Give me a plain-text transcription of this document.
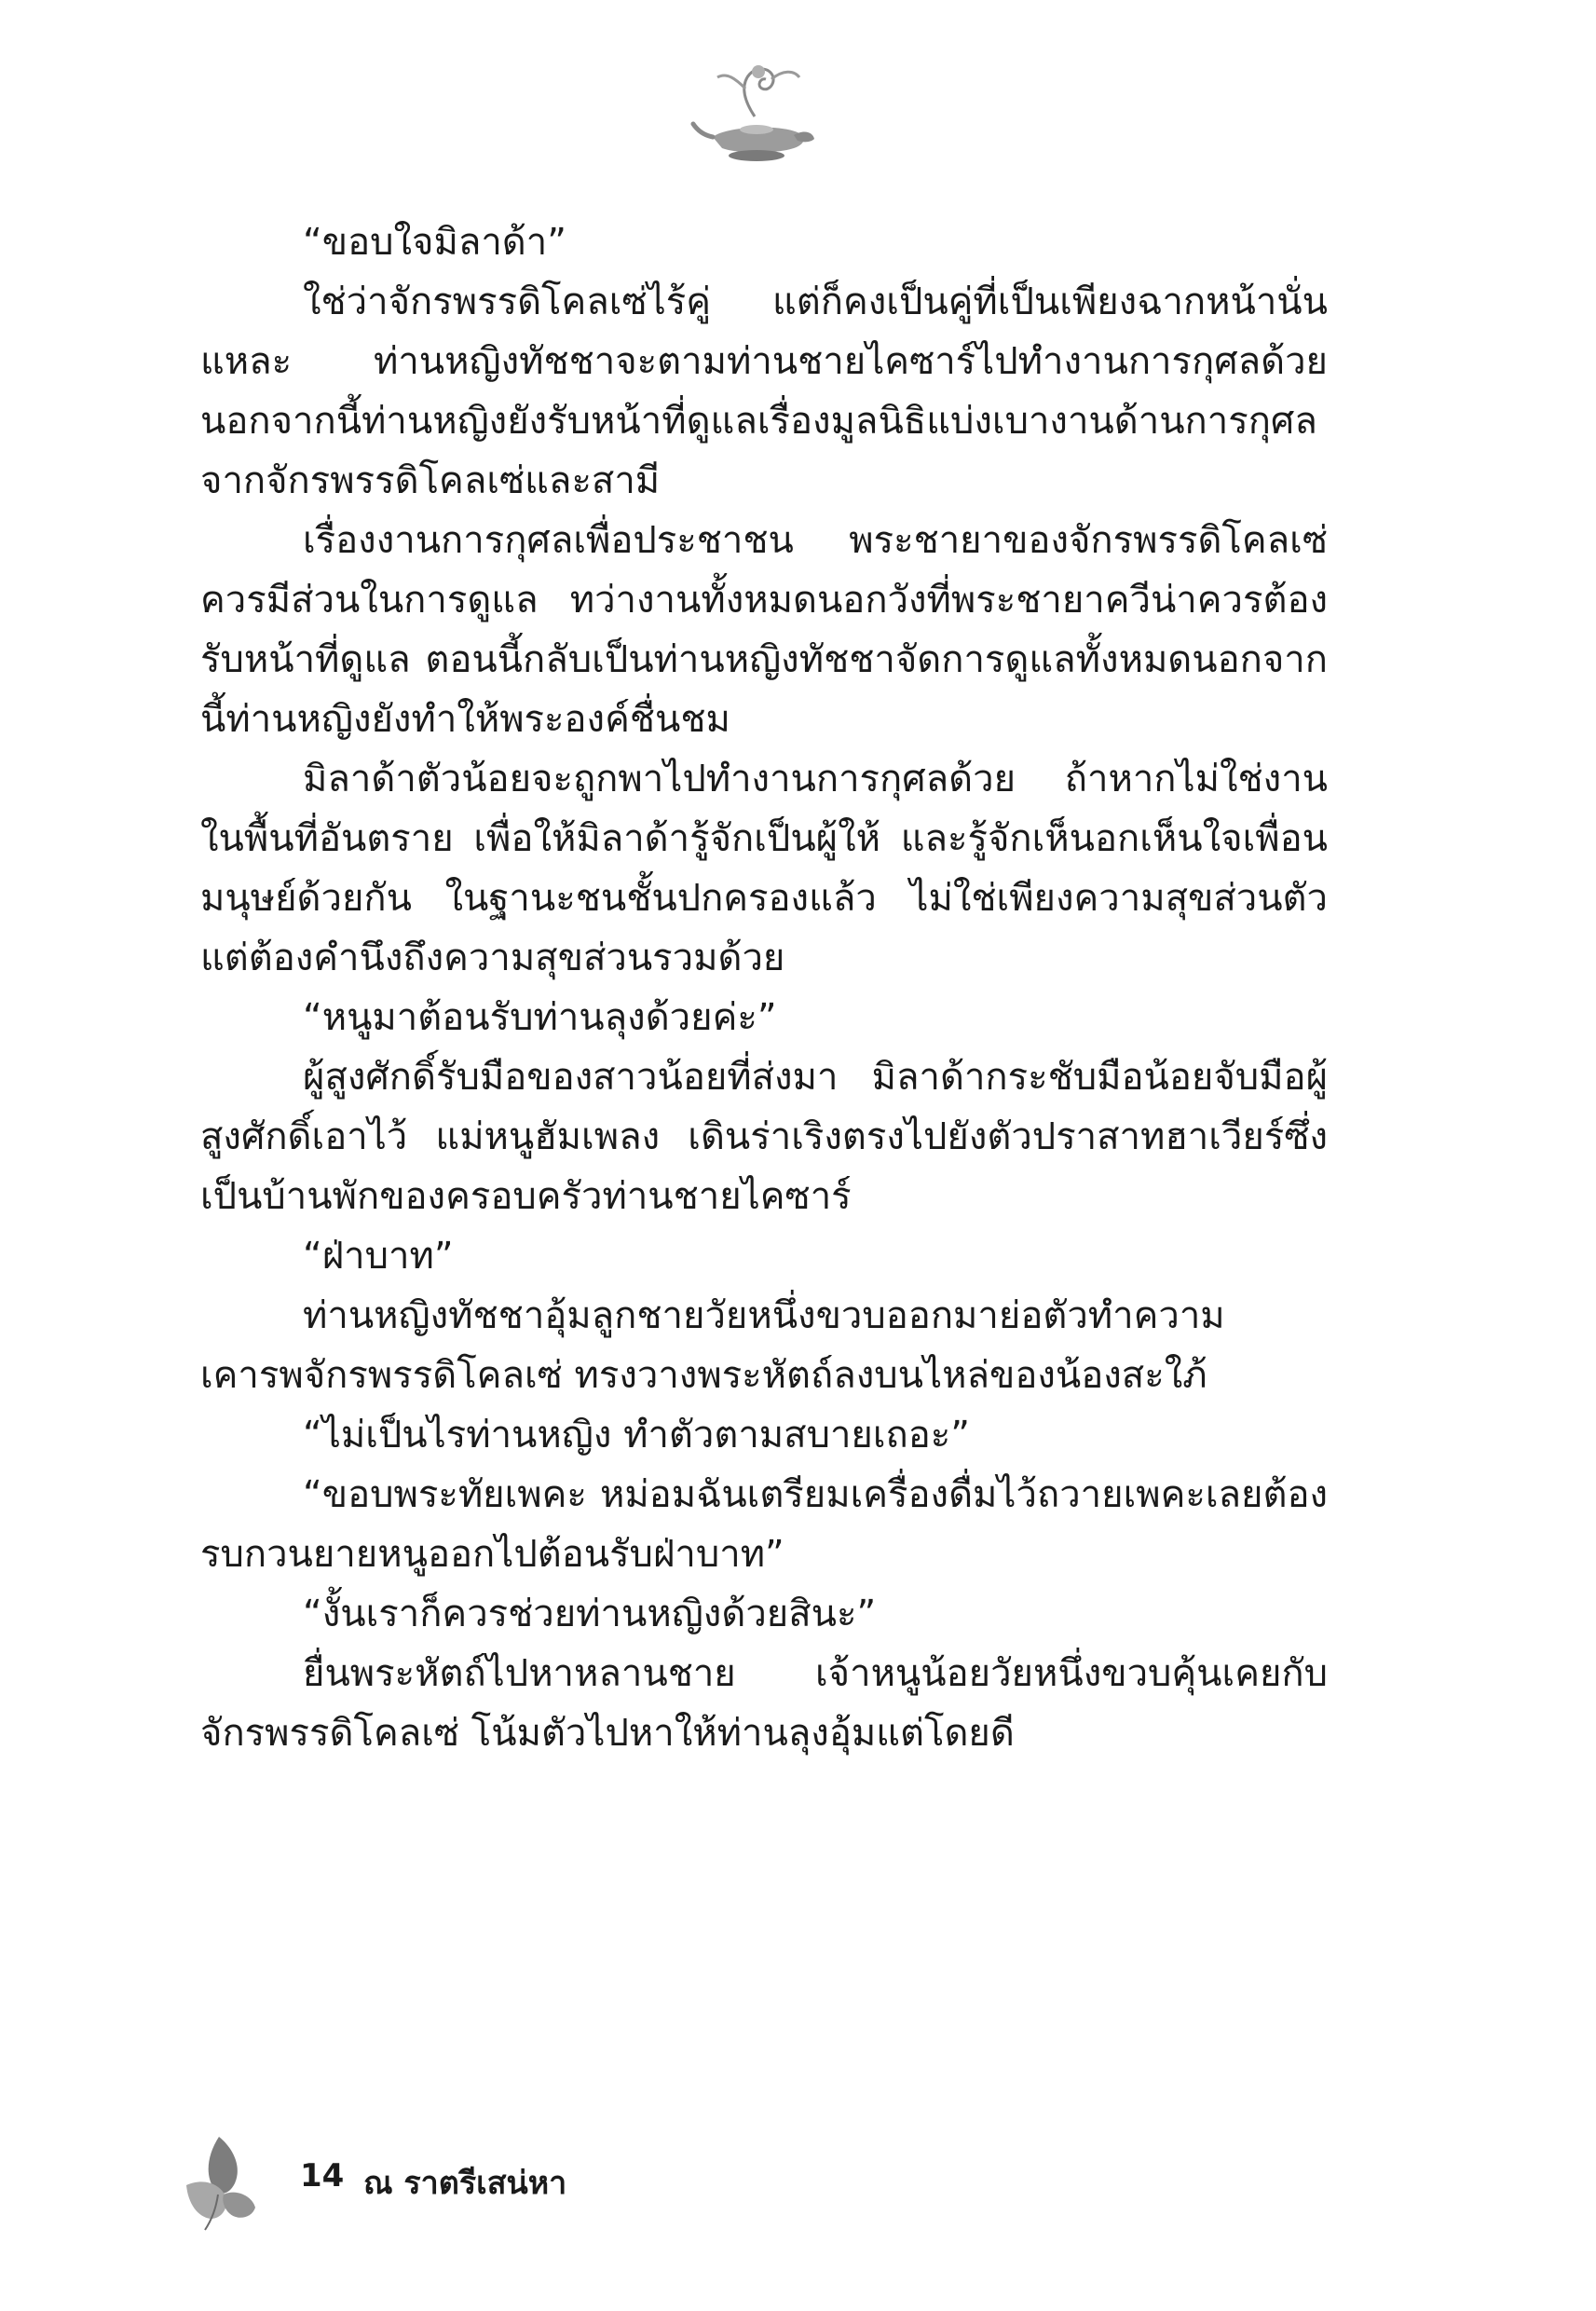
“ขอบใจมิลาด้า”

ใช่ว่าจักรพรรดิโคลเซ่ไร้คู่ แต่ก็คงเป็นคู่ที่เป็นเพียงฉากหน้านั่นแหละ ท่านหญิงทัชชาจะตามท่านชายไคซาร์ไปทำงานการกุศลด้วย นอกจากนี้ท่านหญิงยังรับหน้าที่ดูแลเรื่องมูลนิธิแบ่งเบางานด้านการกุศลจากจักรพรรดิโคลเซ่และสามี

เรื่องงานการกุศลเพื่อประชาชน พระชายาของจักรพรรดิโคลเซ่ควรมีส่วนในการดูแล ทว่างานทั้งหมดนอกวังที่พระชายาควีน่าควรต้องรับหน้าที่ดูแล ตอนนี้กลับเป็นท่านหญิงทัชชาจัดการดูแลทั้งหมดนอกจากนี้ท่านหญิงยังทำให้พระองค์ชื่นชม

มิลาด้าตัวน้อยจะถูกพาไปทำงานการกุศลด้วย ถ้าหากไม่ใช่งานในพื้นที่อันตราย เพื่อให้มิลาด้ารู้จักเป็นผู้ให้ และรู้จักเห็นอกเห็นใจเพื่อนมนุษย์ด้วยกัน ในฐานะชนชั้นปกครองแล้ว ไม่ใช่เพียงความสุขส่วนตัว แต่ต้องคำนึงถึงความสุขส่วนรวมด้วย

“หนูมาต้อนรับท่านลุงด้วยค่ะ”

ผู้สูงศักดิ์รับมือของสาวน้อยที่ส่งมา มิลาด้ากระชับมือน้อยจับมือผู้สูงศักดิ์เอาไว้ แม่หนูฮัมเพลง เดินร่าเริงตรงไปยังตัวปราสาทฮาเวียร์ซึ่งเป็นบ้านพักของครอบครัวท่านชายไคซาร์

“ฝ่าบาท”

ท่านหญิงทัชชาอุ้มลูกชายวัยหนึ่งขวบออกมาย่อตัวทำความเคารพจักรพรรดิโคลเซ่ ทรงวางพระหัตถ์ลงบนไหล่ของน้องสะใภ้

“ไม่เป็นไรท่านหญิง ทำตัวตามสบายเถอะ”

“ขอบพระทัยเพคะ หม่อมฉันเตรียมเครื่องดื่มไว้ถวายเพคะเลยต้องรบกวนยายหนูออกไปต้อนรับฝ่าบาท”

“งั้นเราก็ควรช่วยท่านหญิงด้วยสินะ”

ยื่นพระหัตถ์ไปหาหลานชาย เจ้าหนูน้อยวัยหนึ่งขวบคุ้นเคยกับจักรพรรดิโคลเซ่ โน้มตัวไปหาให้ท่านลุงอุ้มแต่โดยดี

14 ณ ราตรีเสน่หา
